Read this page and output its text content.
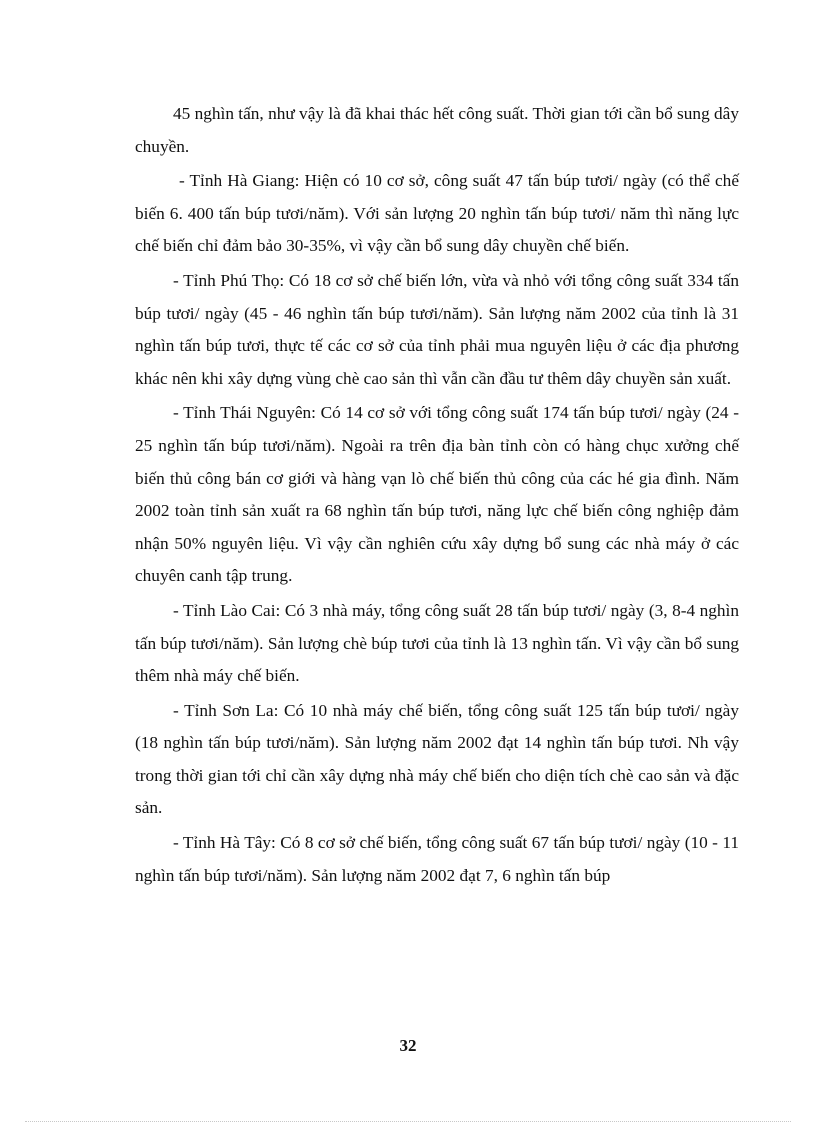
45 nghìn tấn, như vậy là đã khai thác hết công suất. Thời gian tới cần bổ sung dây chuyền.

- Tỉnh Hà Giang: Hiện có 10 cơ sở, công suất 47 tấn búp tươi/ ngày (có thể chế biến 6. 400 tấn búp tươi/năm). Với sản lượng 20 nghìn tấn búp tươi/ năm thì năng lực chế biến chỉ đảm bảo 30-35%, vì vậy cần bổ sung dây chuyền chế biến.

- Tỉnh Phú Thọ: Có 18 cơ sở chế biến lớn, vừa và nhỏ với tổng công suất 334 tấn búp tươi/ ngày (45 - 46 nghìn tấn búp tươi/năm). Sản lượng năm 2002 của tỉnh là 31 nghìn tấn búp tươi, thực tế các cơ sở của tỉnh phải mua nguyên liệu ở các địa phương khác nên khi xây dựng vùng chè cao sản thì vẫn cần đầu tư thêm dây chuyền sản xuất.

- Tỉnh Thái Nguyên: Có 14 cơ sở với tổng công suất 174 tấn búp tươi/ ngày (24 - 25 nghìn tấn búp tươi/năm). Ngoài ra trên địa bàn tỉnh còn có hàng chục xưởng chế biến thủ công bán cơ giới và hàng vạn lò chế biến thủ công của các hé gia đình. Năm 2002 toàn tỉnh sản xuất ra 68 nghìn tấn búp tươi, năng lực chế biến công nghiệp đảm nhận 50% nguyên liệu. Vì vậy cần nghiên cứu xây dựng bổ sung các nhà máy ở các chuyên canh tập trung.

- Tỉnh Lào Cai: Có 3 nhà máy, tổng công suất 28 tấn búp tươi/ ngày (3, 8-4 nghìn tấn búp tươi/năm). Sản lượng chè búp tươi của tỉnh là 13 nghìn tấn. Vì vậy cần bổ sung thêm nhà máy chế biến.

- Tỉnh Sơn La: Có 10 nhà máy chế biến, tổng công suất 125 tấn búp tươi/ ngày (18 nghìn tấn búp tươi/năm). Sản lượng năm 2002 đạt 14 nghìn tấn búp tươi. Nh vậy trong thời gian tới chỉ cần xây dựng nhà máy chế biến cho diện tích chè cao sản và đặc sản.

- Tỉnh Hà Tây: Có 8 cơ sở chế biến, tổng công suất 67 tấn búp tươi/ ngày (10 - 11 nghìn tấn búp tươi/năm). Sản lượng năm 2002 đạt 7, 6 nghìn tấn búp

32
